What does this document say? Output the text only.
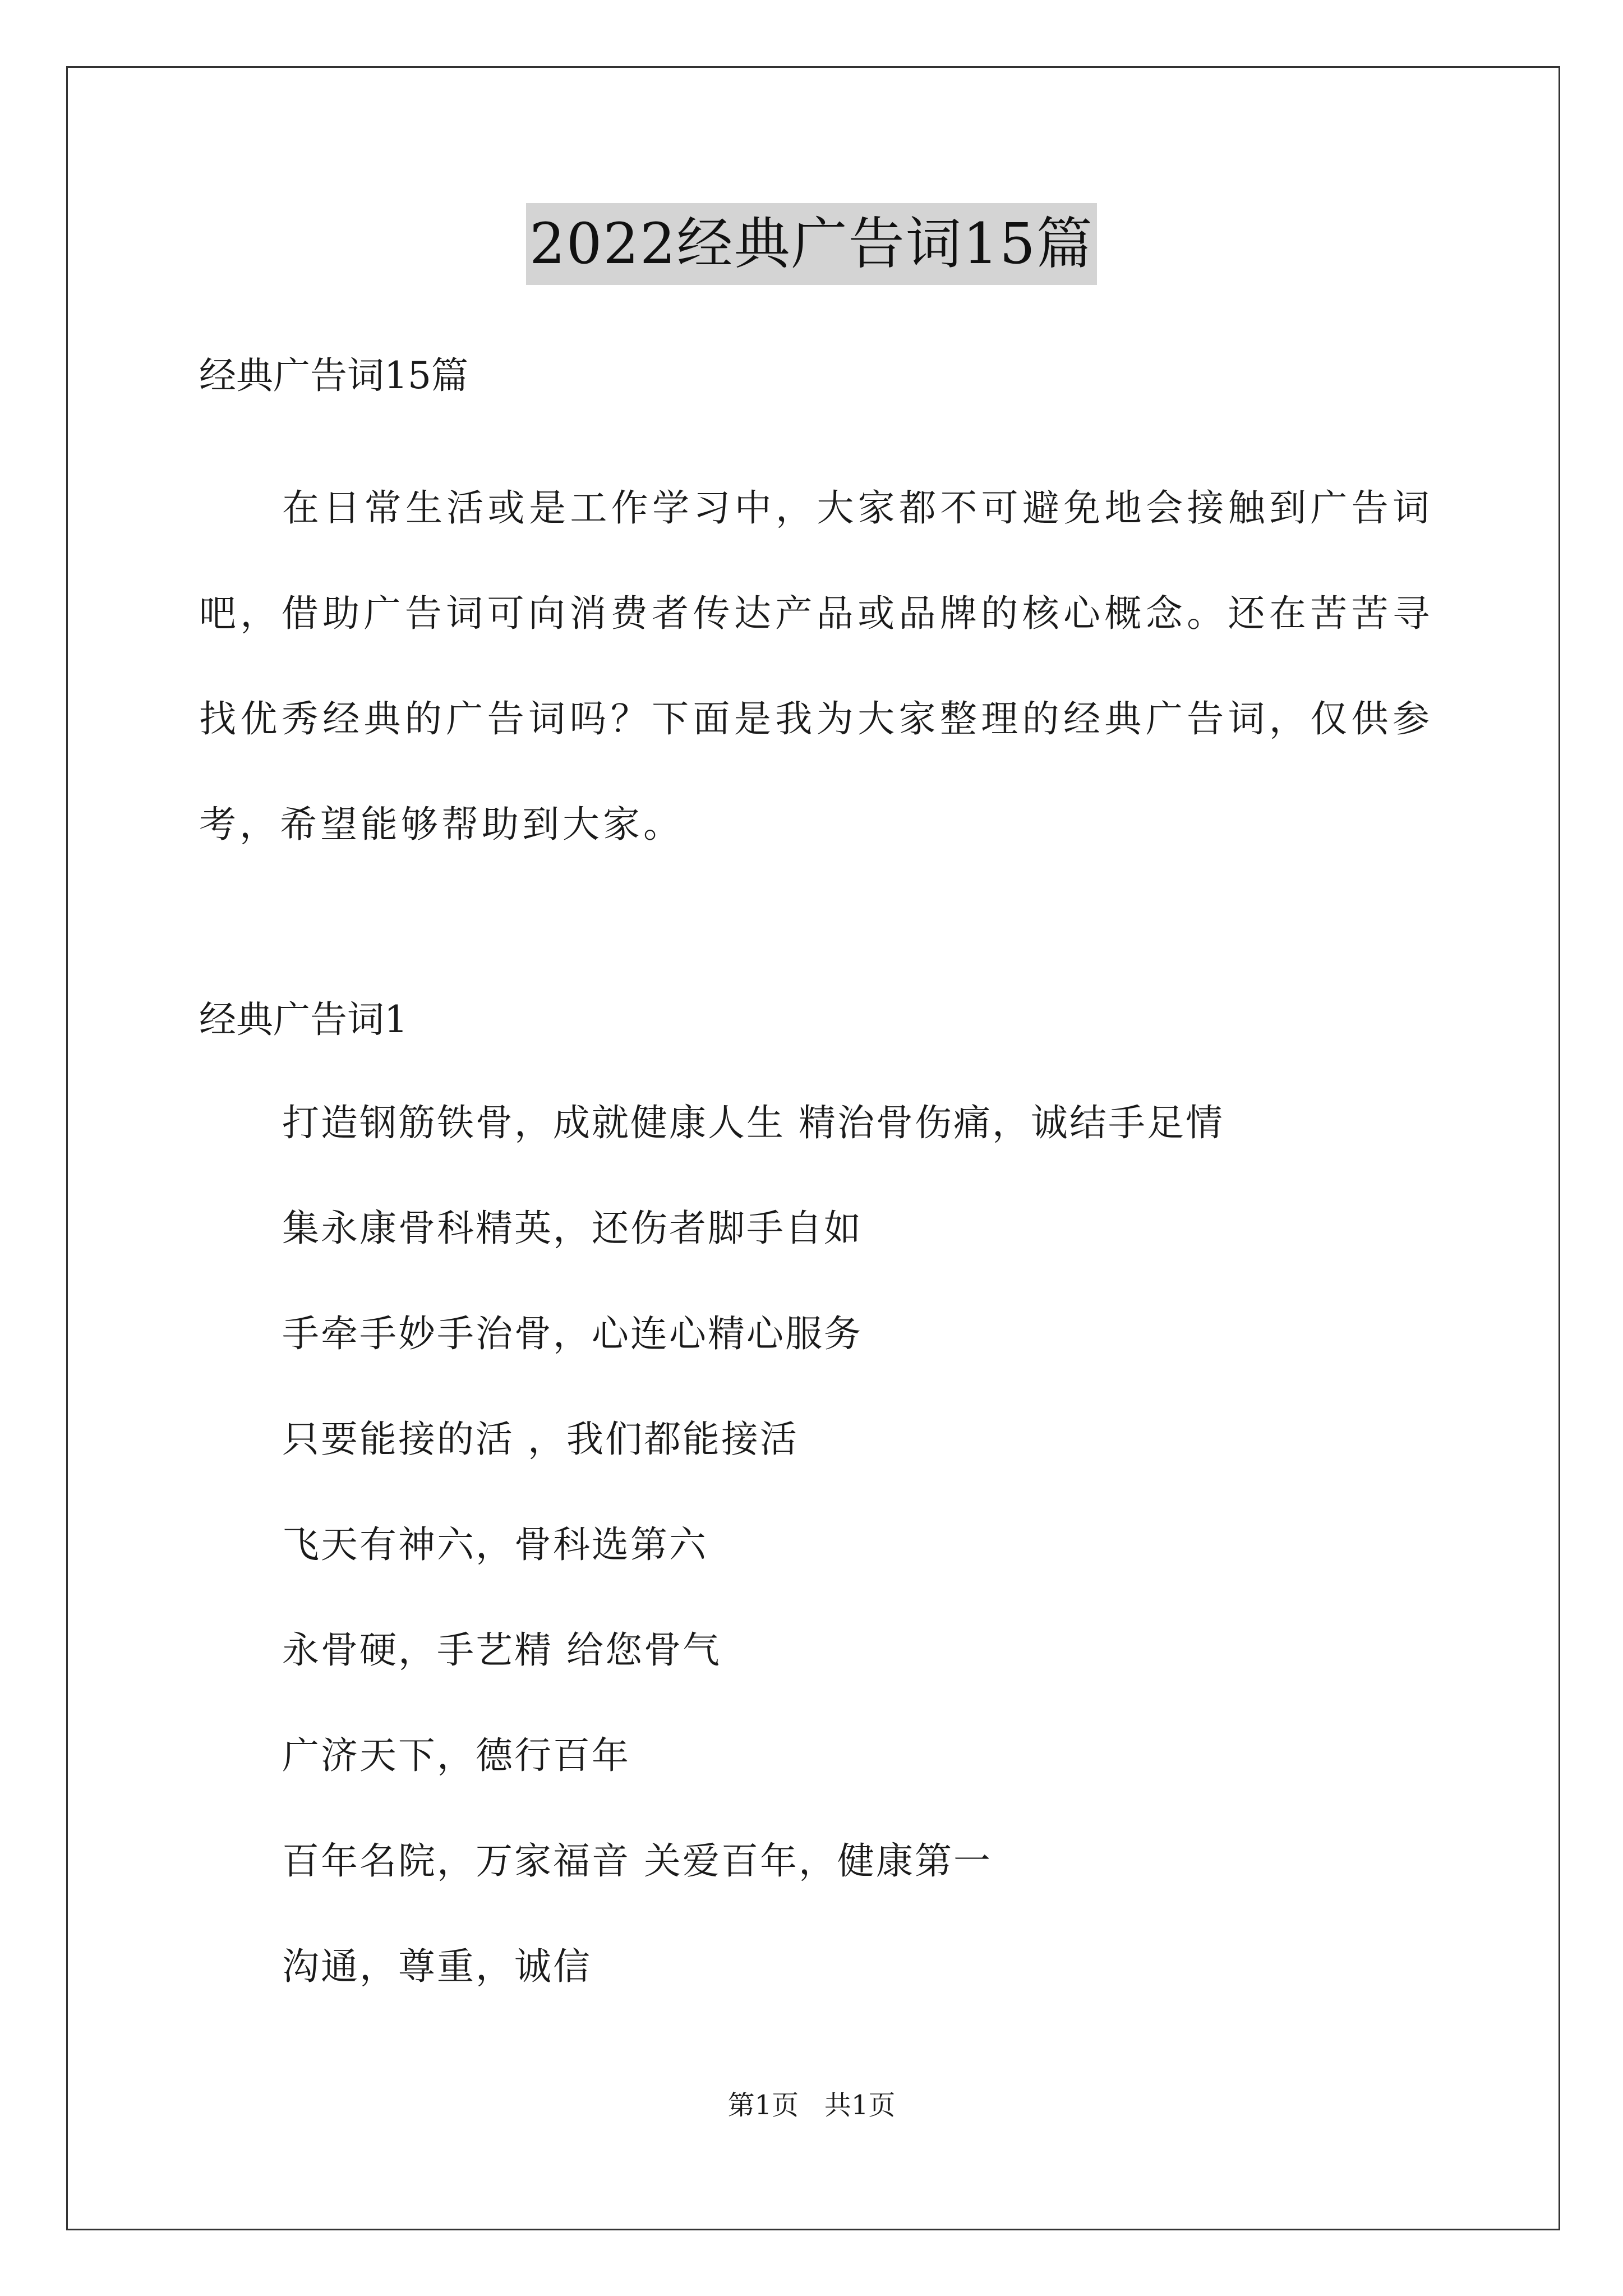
2022经典广告词15篇
经典广告词15篇

在日常生活或是工作学习中，大家都不可避免地会接触到广告词吧，借助广告词可向消费者传达产品或品牌的核心概念。还在苦苦寻找优秀经典的广告词吗？下面是我为大家整理的经典广告词，仅供参考，希望能够帮助到大家。

经典广告词1
打造钢筋铁骨，成就健康人生 精治骨伤痛，诚结手足情
集永康骨科精英，还伤者脚手自如
手牵手妙手治骨，心连心精心服务
只要能接的活 ，我们都能接活
飞天有神六，骨科选第六
永骨硬，手艺精 给您骨气
广济天下，德行百年
百年名院，万家福音 关爱百年，健康第一
沟通，尊重，诚信
第1页   共1页
